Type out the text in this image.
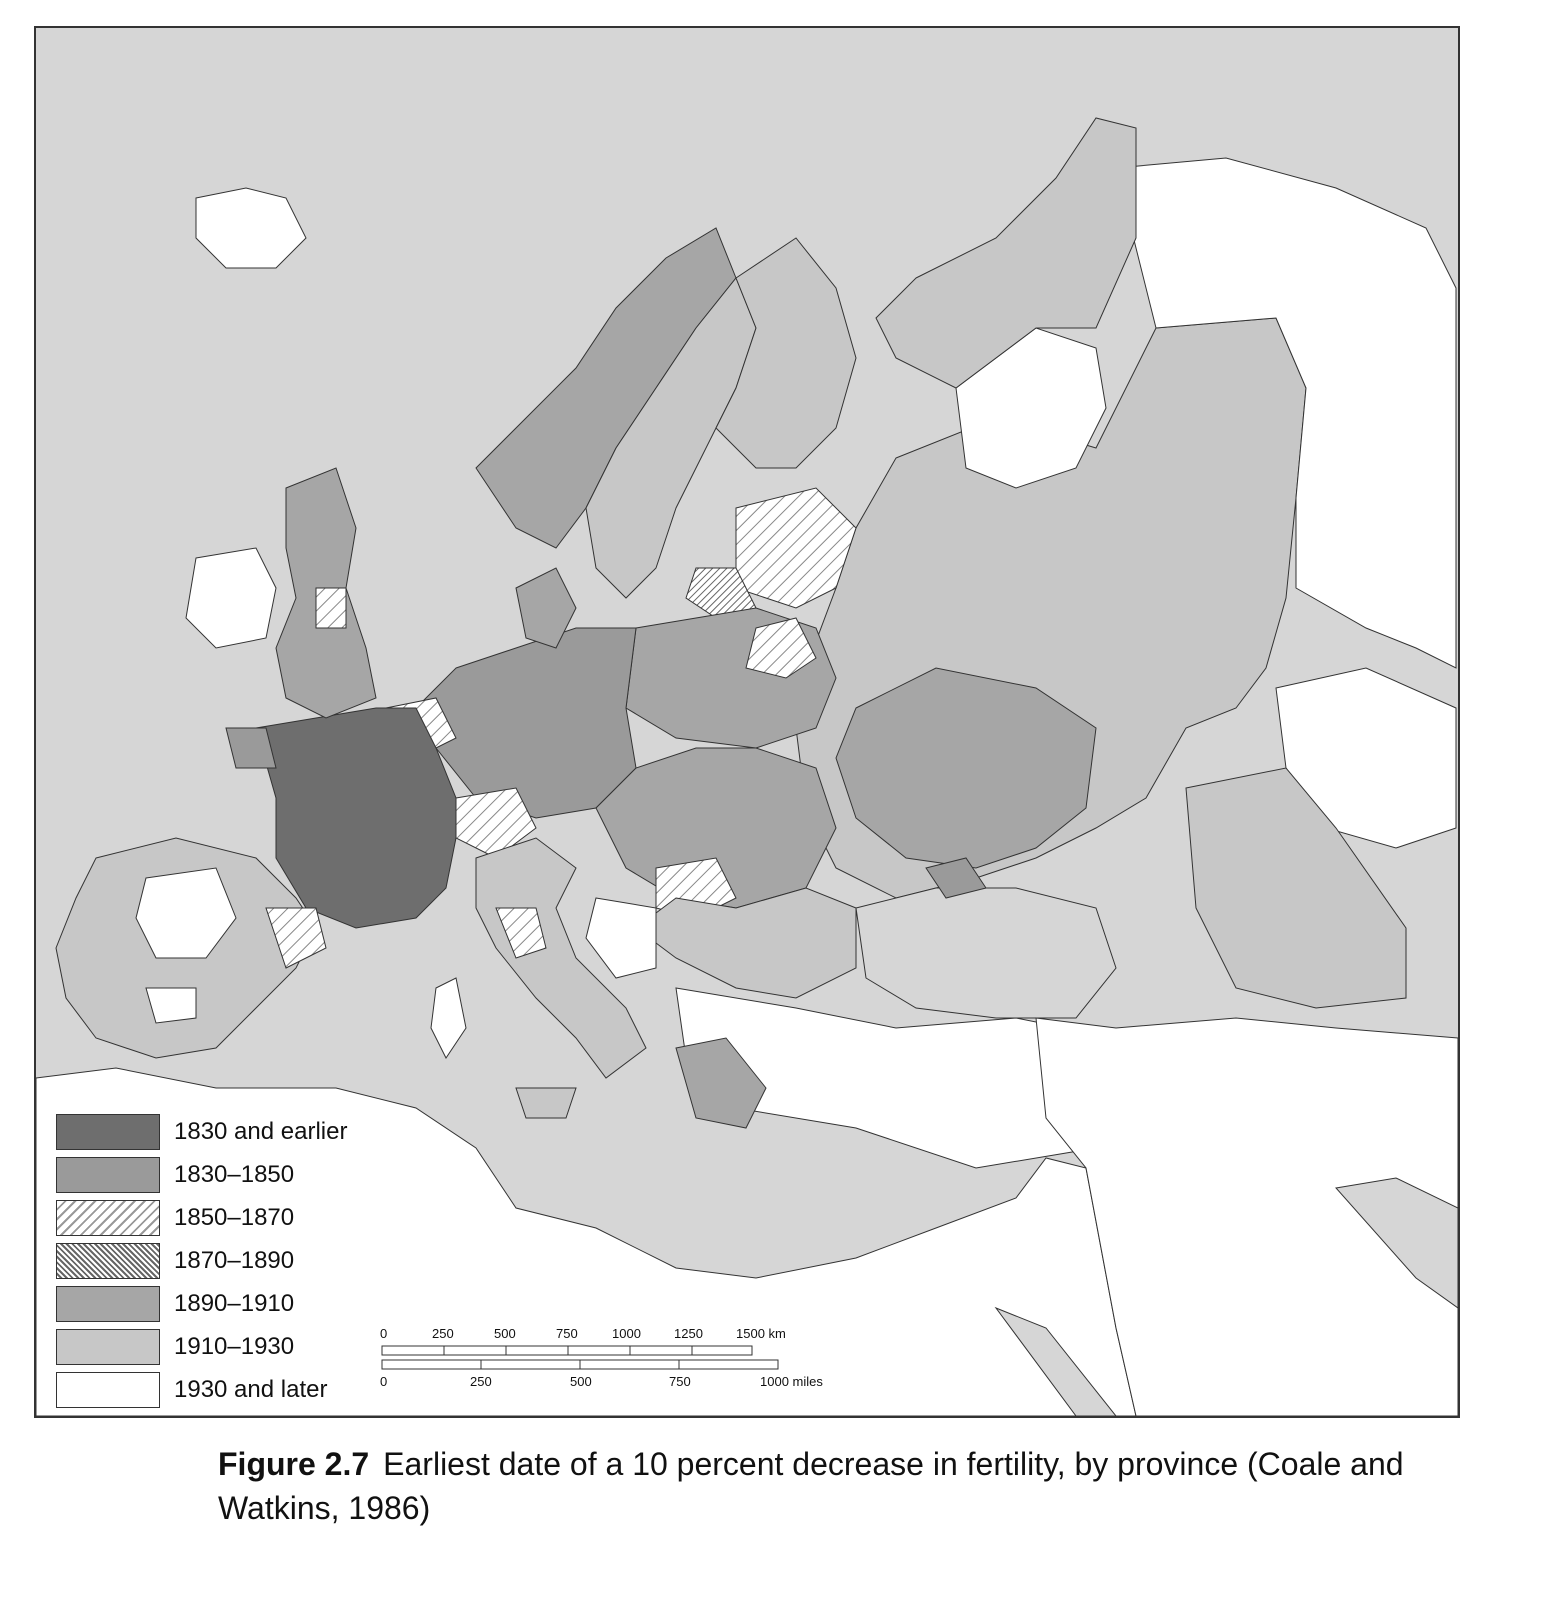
1830 and earlier
1830–1850
1850–1870
1870–1890
1890–1910
1910–1930
1930 and later
0	250	500	750	1000	1250	1500 km
0	250	500	750	1000 miles
Figure 2.7 Earliest date of a 10 percent decrease in fertility, by province (Coale and Watkins, 1986)
